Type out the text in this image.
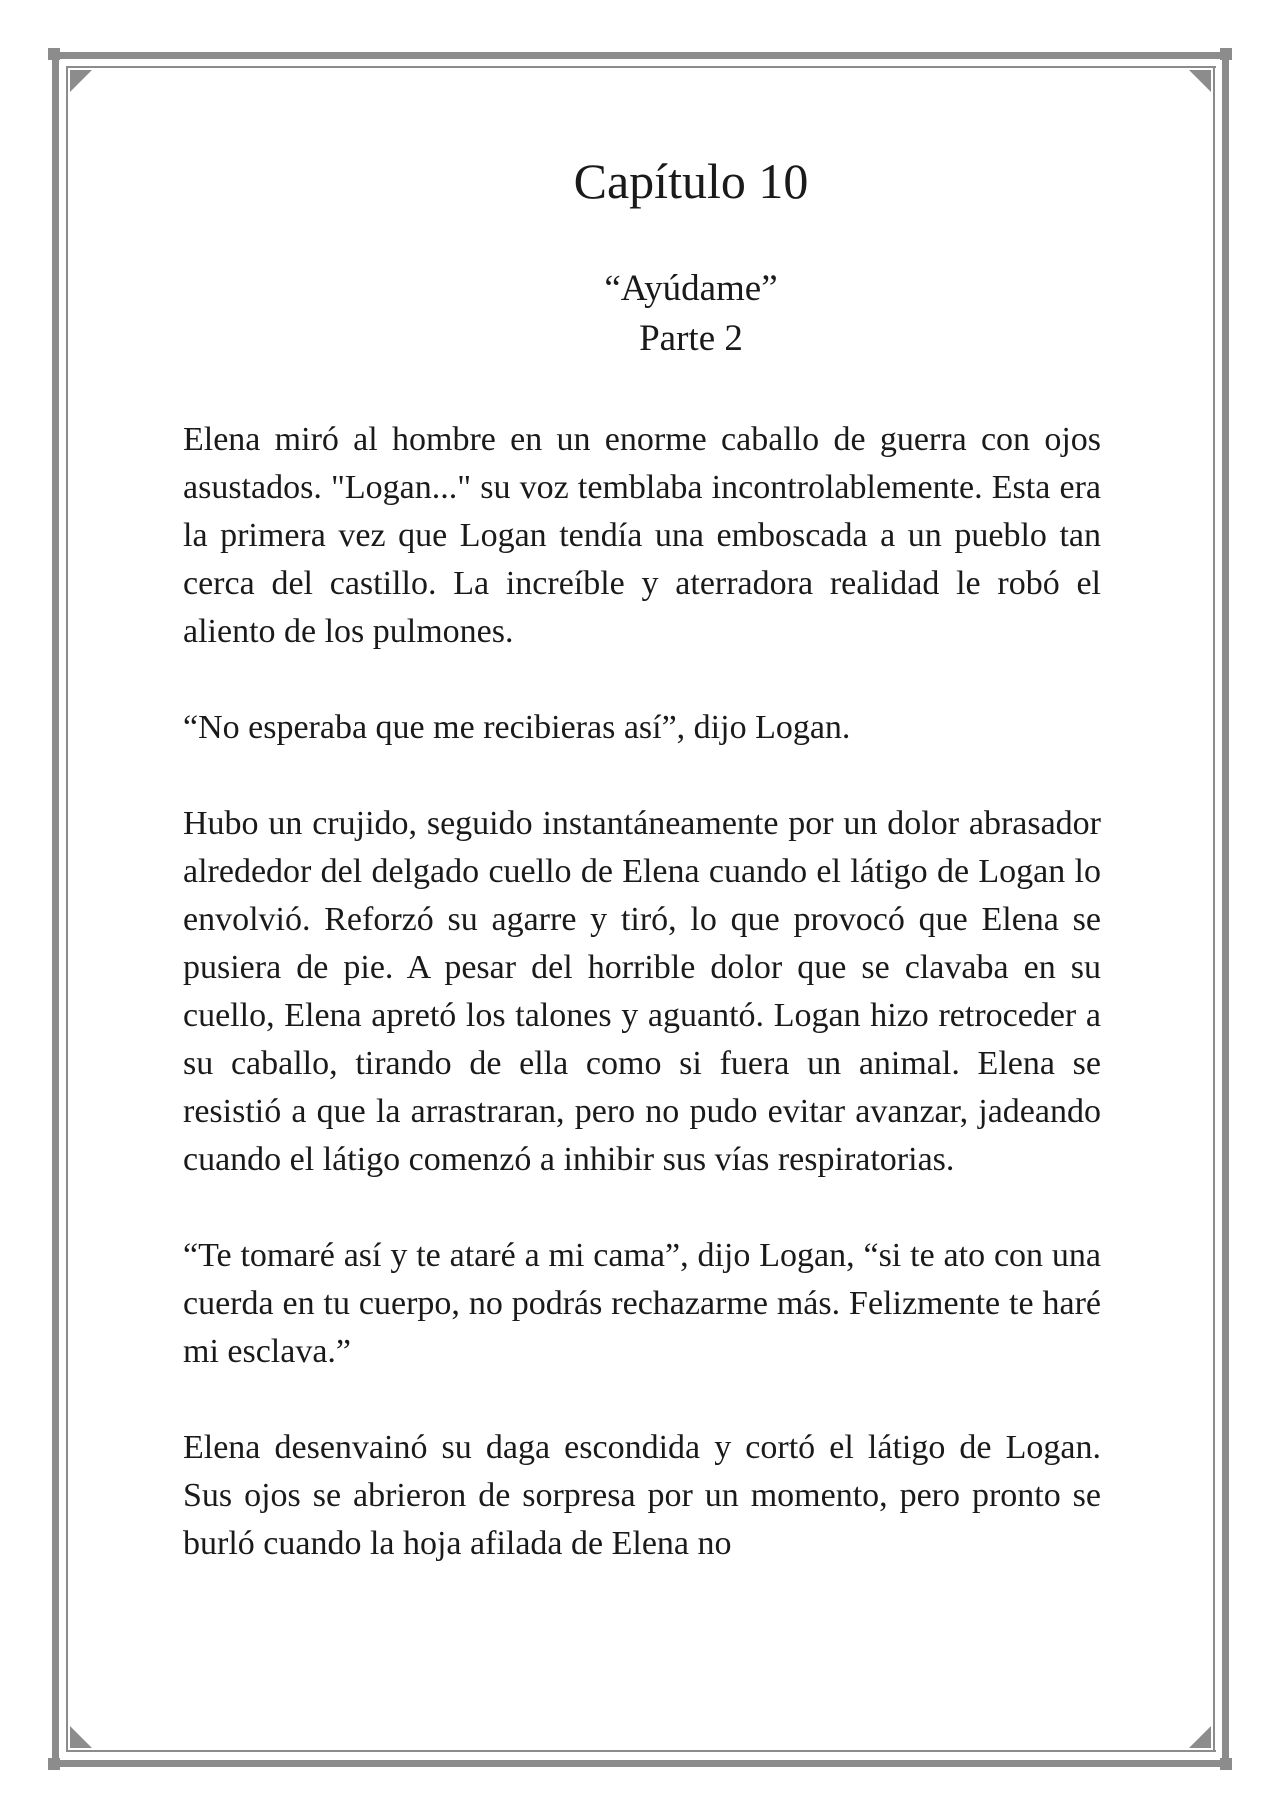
Capítulo 10
“Ayúdame”
Parte 2

Elena miró al hombre en un enorme caballo de guerra con ojos asustados. "Logan..." su voz temblaba incontrolablemente. Esta era la primera vez que Logan tendía una emboscada a un pueblo tan cerca del castillo. La increíble y aterradora realidad le robó el aliento de los pulmones.

“No esperaba que me recibieras así”, dijo Logan.

Hubo un crujido, seguido instantáneamente por un dolor abrasador alrededor del delgado cuello de Elena cuando el látigo de Logan lo envolvió. Reforzó su agarre y tiró, lo que provocó que Elena se pusiera de pie. A pesar del horrible dolor que se clavaba en su cuello, Elena apretó los talones y aguantó. Logan hizo retroceder a su caballo, tirando de ella como si fuera un animal. Elena se resistió a que la arrastraran, pero no pudo evitar avanzar, jadeando cuando el látigo comenzó a inhibir sus vías respiratorias.

“Te tomaré así y te ataré a mi cama”, dijo Logan, “si te ato con una cuerda en tu cuerpo, no podrás rechazarme más. Felizmente te haré mi esclava.”

Elena desenvainó su daga escondida y cortó el látigo de Logan. Sus ojos se abrieron de sorpresa por un momento, pero pronto se burló cuando la hoja afilada de Elena no
